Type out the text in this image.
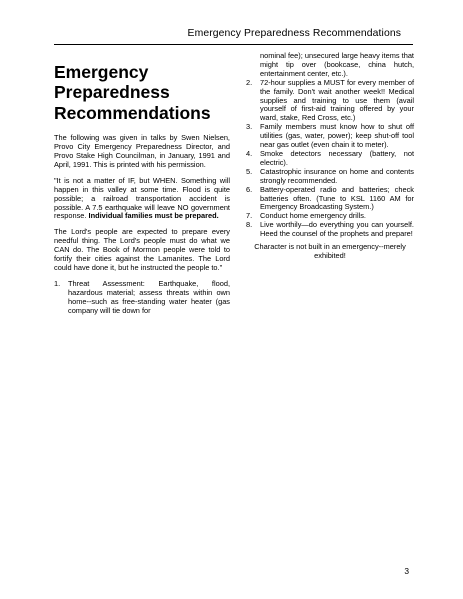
Emergency Preparedness Recommendations
Emergency
Preparedness
Recommendations

The following was given in talks by Swen Nielsen, Provo City Emergency Preparedness Director, and Provo Stake High Councilman, in January, 1991 and April, 1991. This is printed with his permission.

"It is not a matter of IF, but WHEN. Something will happen in this valley at some time. Flood is quite possible; a railroad transportation accident is possible. A 7.5 earthquake will leave NO government response. Individual families must be prepared.

The Lord's people are expected to prepare every needful thing. The Lord's people must do what we CAN do. The Book of Mormon people were told to fortify their cities against the Lamanites. The Lord could have done it, but he instructed the people to."

1.	Threat Assessment: Earthquake, flood, hazardous material; assess threats within own home--such as free-standing water heater (gas company will tie down for
nominal fee); unsecured large heavy items that might tip over (bookcase, china hutch, entertainment center, etc.).
2.	72-hour supplies a MUST for every member of the family. Don't wait another week!! Medical supplies and training to use them (avail yourself of first-aid training offered by your ward, stake, Red Cross, etc.)
3.	Family members must know how to shut off utilities (gas, water, power); keep shut-off tool near gas outlet (even chain it to meter).
4.	Smoke detectors necessary (battery, not electric).
5.	Catastrophic insurance on home and contents strongly recommended.
6.	Battery-operated radio and batteries; check batteries often. (Tune to KSL 1160 AM for Emergency Broadcasting System.)
7.	Conduct home emergency drills.
8.	Live worthily—do everything you can yourself. Heed the counsel of the prophets and prepare!
Character is not built in an emergency--merely exhibited!
3
